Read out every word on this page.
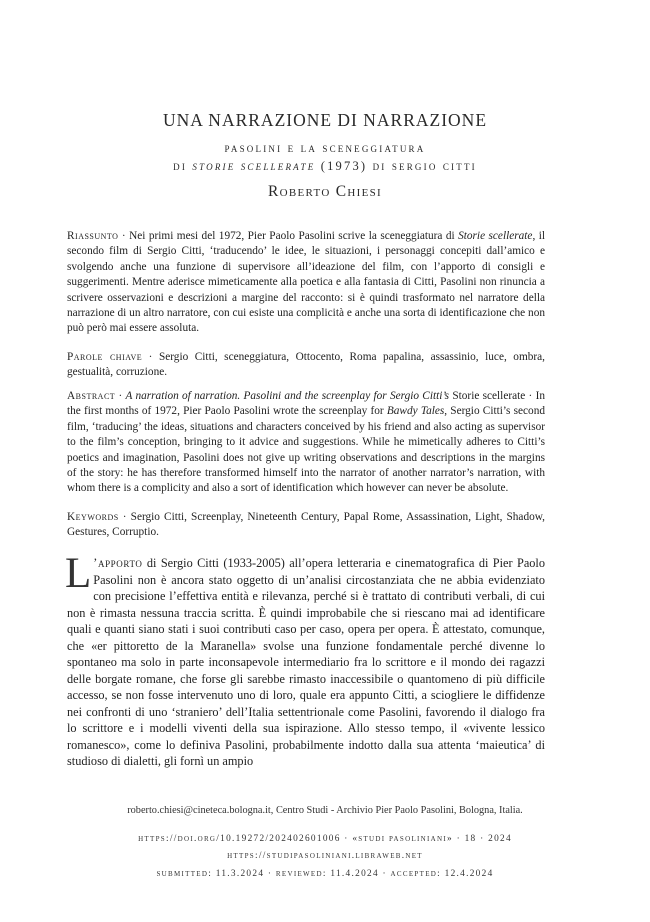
UNA NARRAZIONE DI NARRAZIONE
pasolini e la sceneggiatura
di storie scellerate (1973) di sergio citti
Roberto Chiesi
Riassunto · Nei primi mesi del 1972, Pier Paolo Pasolini scrive la sceneggiatura di Storie scellerate, il secondo film di Sergio Citti, ‘traducendo’ le idee, le situazioni, i personaggi concepiti dall’amico e svolgendo anche una funzione di supervisore all’ideazione del film, con l’apporto di consigli e suggerimenti. Mentre aderisce mimeticamente alla poetica e alla fantasia di Citti, Pasolini non rinuncia a scrivere osservazioni e descrizioni a margine del racconto: si è quindi trasformato nel narratore della narrazione di un altro narratore, con cui esiste una complicità e anche una sorta di identificazione che non può però mai essere assoluta.
Parole chiave · Sergio Citti, sceneggiatura, Ottocento, Roma papalina, assassinio, luce, ombra, gestualità, corruzione.
Abstract · A narration of narration. Pasolini and the screenplay for Sergio Citti’s Storie scellerate · In the first months of 1972, Pier Paolo Pasolini wrote the screenplay for Bawdy Tales, Sergio Citti’s second film, ‘traducing’ the ideas, situations and characters conceived by his friend and also acting as supervisor to the film’s conception, bringing to it advice and suggestions. While he mimetically adheres to Citti’s poetics and imagination, Pasolini does not give up writing observations and descriptions in the margins of the story: he has therefore transformed himself into the narrator of another narrator’s narration, with whom there is a complicity and also a sort of identification which however can never be absolute.
Keywords · Sergio Citti, Screenplay, Nineteenth Century, Papal Rome, Assassination, Light, Shadow, Gestures, Corruptio.
L ’apporto di Sergio Citti (1933-2005) all’opera letteraria e cinematografica di Pier Paolo Pasolini non è ancora stato oggetto di un’analisi circostanziata che ne abbia evidenziato con precisione l’effettiva entità e rilevanza, perché si è trattato di contributi verbali, di cui non è rimasta nessuna traccia scritta. È quindi improbabile che si riescano mai ad identificare quali e quanti siano stati i suoi contributi caso per caso, opera per opera. È attestato, comunque, che «er pittoretto de la Maranella» svolse una funzione fondamentale perché divenne lo spontaneo ma solo in parte inconsapevole intermediario fra lo scrittore e il mondo dei ragazzi delle borgate romane, che forse gli sarebbe rimasto inaccessibile o quantomeno di più difficile accesso, se non fosse intervenuto uno di loro, quale era appunto Citti, a sciogliere le diffidenze nei confronti di uno ‘straniero’ dell’Italia settentrionale come Pasolini, favorendo il dialogo fra lo scrittore e i modelli viventi della sua ispirazione. Allo stesso tempo, il «vivente lessico romanesco», come lo definiva Pasolini, probabilmente indotto dalla sua attenta ‘maieutica’ di studioso di dialetti, gli fornì un ampio
roberto.chiesi@cineteca.bologna.it, Centro Studi - Archivio Pier Paolo Pasolini, Bologna, Italia.
https://doi.org/10.19272/202402601006 · «studi pasoliniani» · 18 · 2024
https://studipasoliniani.libraweb.net
submitted: 11.3.2024 · reviewed: 11.4.2024 · accepted: 12.4.2024
